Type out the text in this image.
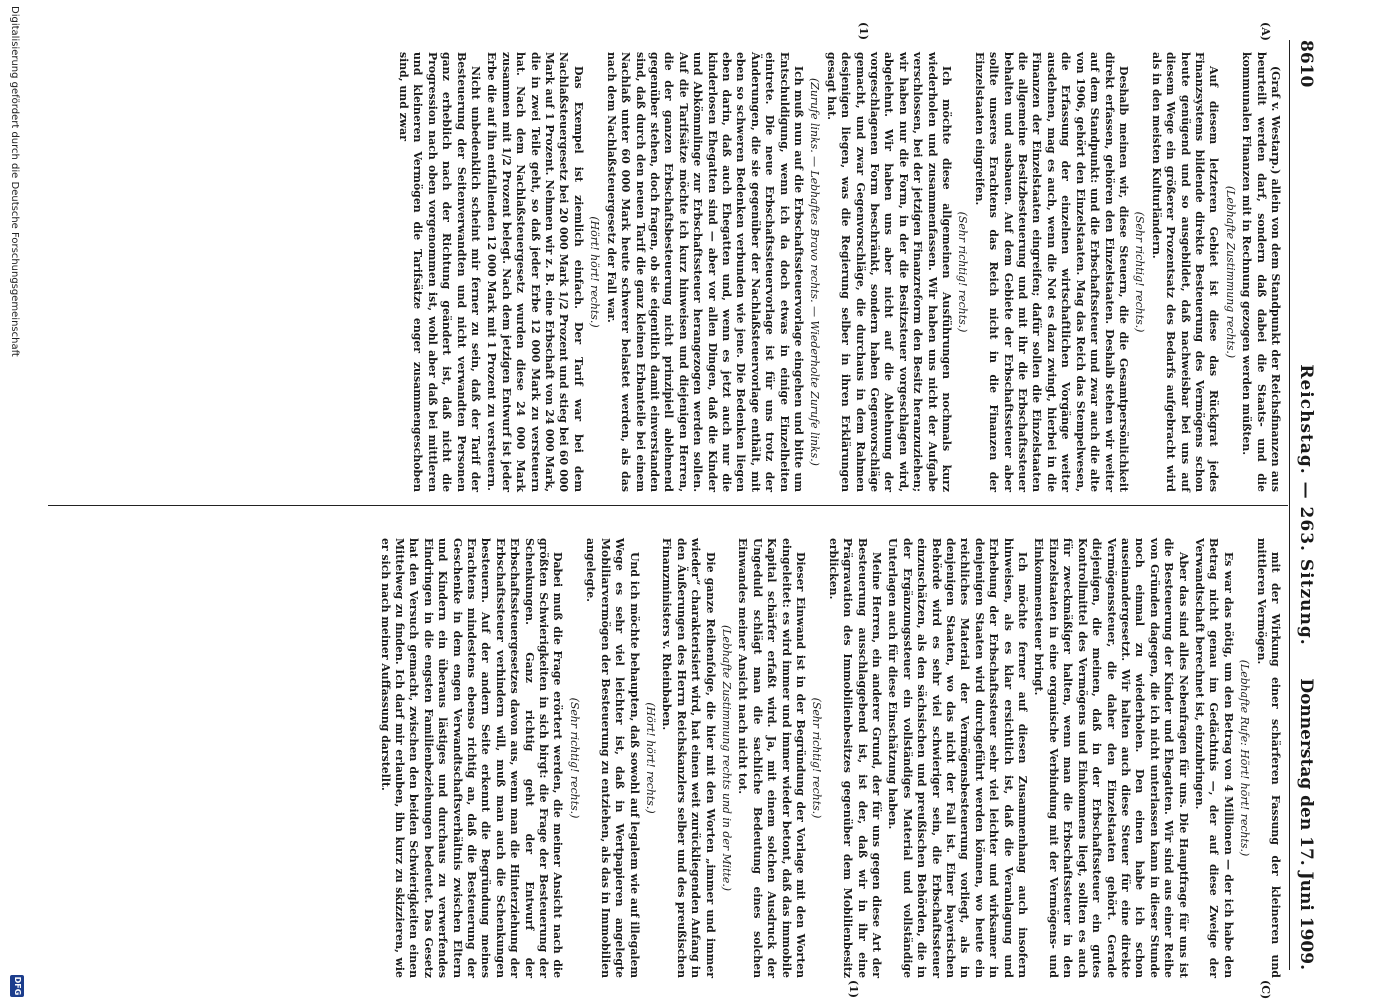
8610
Reichstag. — 263. Sitzung.
Donnerstag den 17. Juni 1909.
(A)
(1)
(C)
(1)

(Graf v. Westarp.) allein von dem Standpunkt der Reichsfinanzen aus beurteilt werden darf, sondern daß dabei die Staats- und die kommunalen Finanzen mit in Rechnung gezogen werden müßten.

(Lebhafte Zustimmung rechts.)

Auf diesem letzteren Gebiet ist diese das Rückgrat jedes Finanzsystems bildende direkte Besteuerung des Vermögens schon heute genügend und so ausgebildet, daß nachweisbar bei uns auf diesem Wege ein größerer Prozentsatz des Bedarfs aufgebracht wird als in den meisten Kulturländern.

(Sehr richtig! rechts.)

Deshalb meinen wir, diese Steuern, die die Gesamtpersönlichkeit direkt erfassen, gehören den Einzelstaaten. Deshalb stehen wir weiter auf dem Standpunkt: und die Erbschaftssteuer und zwar auch die alte von 1906, gehört den Einzelstaaten. Mag das Reich das Stempelwesen, die Erfassung der einzelnen wirtschaftlichen Vorgänge weiter ausdehnen, mag es auch, wenn die Not es dazu zwingt, hierbei in die Finanzen der Einzelstaaten eingreifen; dafür sollen die Einzelstaaten die allgemeine Besitzbesteuerung und mit ihr die Erbschaftssteuer behalten und ausbauen. Auf dem Gebiete der Erbschaftssteuer aber sollte unseres Erachtens das Reich nicht in die Finanzen der Einzelstaaten eingreifen.

(Sehr richtig! rechts.)

Ich möchte diese allgemeinen Ausführungen nochmals kurz wiederholen und zusammenfassen. Wir haben uns nicht der Aufgabe verschlossen, bei der jetzigen Finanzreform den Besitz heranzuziehen; wir haben nur die Form, in der die Besitzsteuer vorgeschlagen wird, abgelehnt. Wir haben uns aber nicht auf die Ablehnung der vorgeschlagenen Form beschränkt, sondern haben Gegenvorschläge gemacht, und zwar Gegenvorschläge, die durchaus in dem Rahmen desjenigen liegen, was die Regierung selber in ihren Erklärungen gesagt hat.

(Zurufe links. — Lebhaftes Bravo rechts. — Wiederholte Zurufe links.)

Ich muß nun auf die Erbschaftssteuervorlage eingehen und bitte um Entschuldigung, wenn ich da doch etwas in einige Einzelheiten eintrete. Die neue Erbschaftssteuervorlage ist für uns trotz der Änderungen, die sie gegenüber der Nachlaßsteuervorlage enthält, mit eben so schweren Bedenken verbunden wie jene. Die Bedenken liegen eben darin, daß auch Ehegatten und, wenn es jetzt auch nur die kinderlosen Ehegatten sind — aber vor allen Dingen, daß die Kinder und Abkömmlinge zur Erbschaftssteuer herangezogen werden sollen. Auf die Tarifsätze möchte ich kurz hinweisen und diejenigen Herren, die der ganzen Erbschaftsbesteuerung nicht prinzipiell ablehnend gegenüber stehen, doch fragen, ob sie eigentlich damit einverstanden sind, daß durch den neuen Tarif die ganz kleinen Erbanteile bei einem Nachlaß unter 60 000 Mark heute schwerer belastet werden, als das nach dem Nachlaßsteuergesetz der Fall war.

(Hört! hört! rechts.)

Das Exempel ist ziemlich einfach. Der Tarif war bei dem Nachlaßsteuergesetz bei 20 000 Mark 1/2 Prozent und stieg bei 60 000 Mark auf 1 Prozent. Nehmen wir z. B. eine Erbschaft von 24 000 Mark, die in zwei Teile geht, so daß jeder Erbe 12 000 Mark zu versteuern hat. Nach dem Nachlaßsteuergesetz wurden diese 24 000 Mark zusammen mit 1/2 Prozent belegt. Nach dem jetzigen Entwurf ist jeder Erbe die auf ihn entfallenden 12 000 Mark mit 1 Prozent zu versteuern.

Nicht unbedenklich scheint mir ferner zu sein, daß der Tarif der Besteuerung der Seitenverwandten und nicht verwandten Personen ganz erheblich nach der Richtung geändert ist, daß nicht die Progression nach oben vorgenommen ist, wohl aber daß bei mittleren und kleineren Vermögen die Tarifsätze enger zusammengeschoben sind, und zwar

mit der Wirkung einer schärferen Fassung der kleineren und mittleren Vermögen.

(Lebhafte Rufe: Hört! hört! rechts.)

Es war das nötig, um den Betrag von 4 Millionen — der ich habe den Betrag nicht genau im Gedächtnis —, der auf diese Zweige der Verwandtschaft berechnet ist, einzubringen.

Aber das sind alles Nebenfragen für uns. Die Hauptfrage für uns ist die Besteuerung der Kinder und Ehegatten. Wir sind aus einer Reihe von Gründen dagegen, die ich nicht unterlassen kann in dieser Stunde noch einmal zu wiederholen. Den einen habe ich schon auseinandergesetzt. Wir halten auch diese Steuer für eine direkte Vermögenssteuer, die daher den Einzelstaaten gehört. Gerade diejenigen, die meinen, daß in der Erbschaftssteuer ein gutes Kontrollmittel des Vermögens und Einkommens liegt, sollten es auch für zweckmäßiger halten, wenn man die Erbschaftssteuer in den Einzelstaaten in eine organische Verbindung mit der Vermögens- und Einkommensteuer bringt.

Ich möchte ferner auf diesen Zusammenhang auch insofern hinweisen, als es klar ersichtlich ist, daß die Veranlagung und Erhebung der Erbschaftssteuer sehr viel leichter und wirksamer in denjenigen Staaten wird durchgeführt werden können, wo heute ein reichliches Material der Vermögensbesteuerung vorliegt, als in denjenigen Staaten, wo das nicht der Fall ist. Einer bayerischen Behörde wird es sehr viel schwieriger sein, die Erbschaftssteuer einzuschätzen, als den sächsischen und preußischen Behörden, die in der Ergänzungssteuer ein vollständiges Material und vollständige Unterlagen auch für diese Einschätzung haben.

Meine Herren, ein anderer Grund, der für uns gegen diese Art der Besteuerung ausschlaggebend ist, ist der, daß wir in ihr eine Prägravation des Immobilienbesitzes gegenüber dem Mobilienbesitz erblicken.

(Sehr richtig! rechts.)

Dieser Einwand ist in der Begründung der Vorlage mit den Worten eingeleitet: es wird immer und immer wieder betont, daß das immobile Kapital schärfer erfaßt wird. Ja, mit einem solchen Ausdruck der Ungeduld schlägt man die sachliche Bedeutung eines solchen Einwandes meiner Ansicht nach nicht tot.

(Lebhafte Zustimmung rechts und in der Mitte.)

Die ganze Reihenfolge, die hier mit den Worten „immer und immer wieder“ charakterisiert wird, hat einen weit zurückliegenden Anfang in den Äußerungen des Herrn Reichskanzlers selber und des preußischen Finanzministers v. Rheinbaben.

(Hört! hört! rechts.)

Und ich möchte behaupten, daß sowohl auf legalem wie auf illegalem Wege es sehr viel leichter ist, daß in Wertpapieren angelegte Mobiliarvermögen der Besteuerung zu entziehen, als das in Immobilien angelegte.

(Sehr richtig! rechts.)

Dabei muß die Frage erörtert werden, die meiner Ansicht nach die größten Schwierigkeiten in sich birgt: die Frage der Besteuerung der Schenkungen. Ganz richtig geht der Entwurf der Erbschaftssteuergesetzes davon aus, wenn man die Hinterziehung der Erbschaftssteuer verhindern will, muß man auch die Schenkungen besteuern. Auf der andern Seite erkennt die Begründung meines Erachtens mindestens ebenso richtig an, daß die Besteuerung der Geschenke in dem engen Verwandtschaftsverhältnis zwischen Eltern und Kindern ein überaus lästiges und durchaus zu verwerfendes Eindringen in die engsten Familienbeziehungen bedeutet. Das Gesetz hat den Versuch gemacht, zwischen den beiden Schwierigkeiten einen Mittelweg zu finden. Ich darf mir erlauben, ihn kurz zu skizzieren, wie er sich nach meiner Auffassung darstellt.

Digitalisierung gefördert durch die Deutsche Forschungsgemeinschaft
DFG
